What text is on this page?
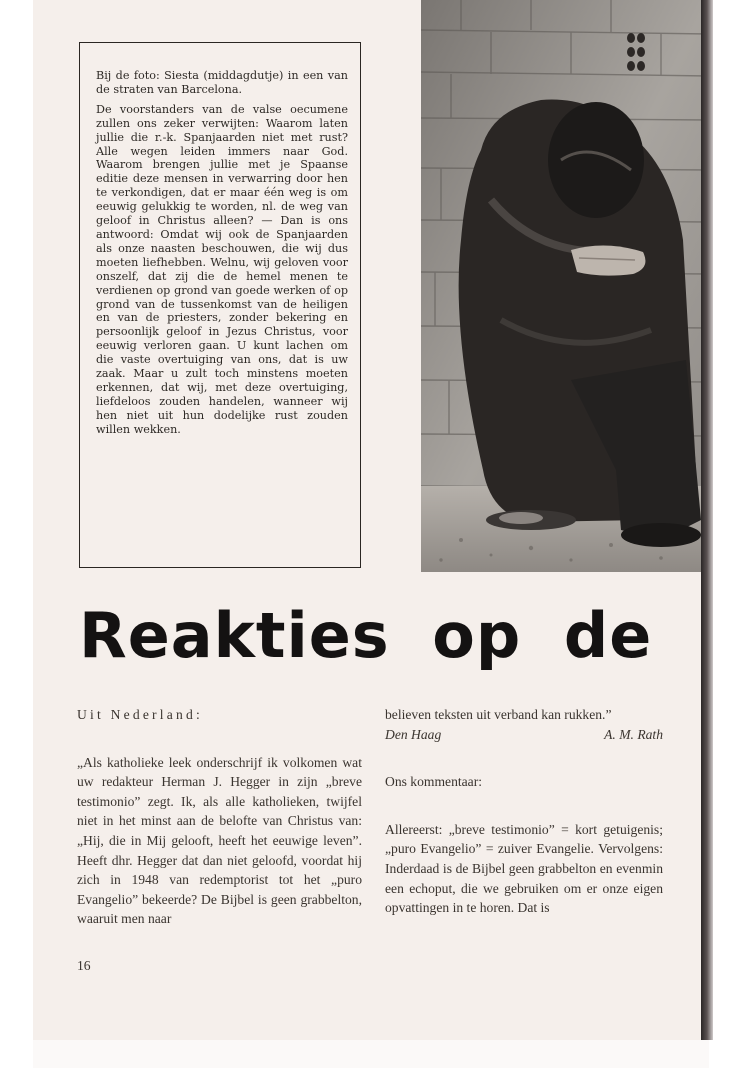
Bij de foto: Siesta (middagdutje) in een van de straten van Barcelona.

De voorstanders van de valse oecumene zullen ons zeker verwijten: Waarom laten jullie die r.-k. Spanjaarden niet met rust? Alle wegen leiden immers naar God. Waarom brengen jullie met je Spaanse editie deze mensen in verwarring door hen te verkondigen, dat er maar één weg is om eeuwig gelukkig te worden, nl. de weg van geloof in Christus alleen? — Dan is ons antwoord: Omdat wij ook de Spanjaarden als onze naasten beschouwen, die wij dus moeten liefhebben. Welnu, wij geloven voor onszelf, dat zij die de hemel menen te verdienen op grond van goede werken of op grond van de tussenkomst van de heiligen en van de priesters, zonder bekering en persoonlijk geloof in Jezus Christus, voor eeuwig verloren gaan. U kunt lachen om die vaste overtuiging van ons, dat is uw zaak. Maar u zult toch minstens moeten erkennen, dat wij, met deze overtuiging, liefdeloos zouden handelen, wanneer wij hen niet uit hun dodelijke rust zouden willen wekken.

Reakties op de

Uit Nederland:

„Als katholieke leek onderschrijf ik volkomen wat uw redakteur Herman J. Hegger in zijn „breve testimonio” zegt. Ik, als alle katholieken, twijfel niet in het minst aan de belofte van Christus van: „Hij, die in Mij gelooft, heeft het eeuwige leven”. Heeft dhr. Hegger dat dan niet geloofd, voordat hij zich in 1948 van redemptorist tot het „puro Evangelio” bekeerde? De Bijbel is geen grabbelton, waaruit men naar

believen teksten uit verband kan rukken.”

Den Haag	A. M. Rath

Ons kommentaar:

Allereerst: „breve testimonio” = kort getuigenis; „puro Evangelio” = zuiver Evangelie. Vervolgens: Inderdaad is de Bijbel geen grabbelton en evenmin een echoput, die we gebruiken om er onze eigen opvattingen in te horen. Dat is

16
